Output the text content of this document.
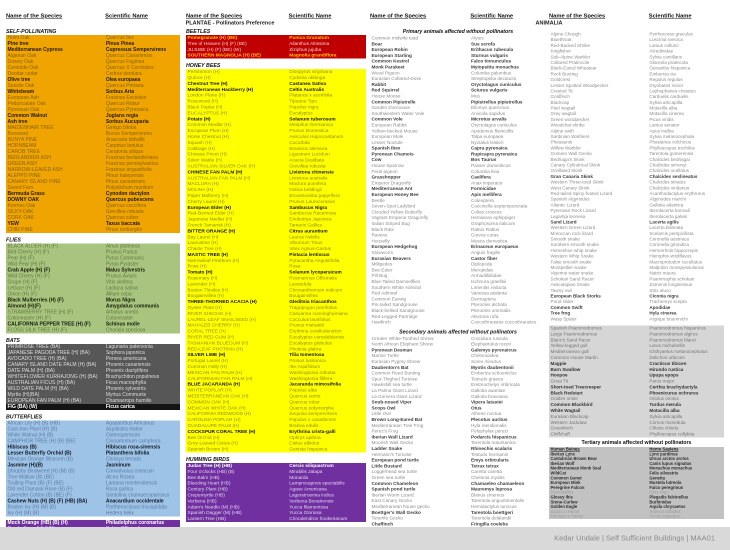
PLANTAE - Pollinators Preference	ANIMALIA
Name of the Species	Scientific Name
SELF-POLLINATING
Holm Oak	Quercus Ilex
Pine tree	Pinus Pinea
Mediterranean Cypress	Cupressus Sempervirens
Algerian Oak	Quercus Canariensis
Downy Oak	Quercus Faginea
Cerrioide Oak	Quercus X Cerrioides
Deodar cedar	Cedrus deodara
Olive tree	Olea europaea
Sessile Oak	Quercus Petraea
Whitebeam	Sorbus Aria
European Ash	Fraxinus Excelsior
Pedunculate Oak	Quercus Robur
Pyrenean Oak	Quercus Pyrenaica
Common Walnut	Juglans regia
Ash tree	Sorbus Aucuparia
MAIDENHAIR TREE	Ginkgo biloba
Boxwood	Buxus Sempervirens
BUNYA PINE	Araucaria bidwillii
HORNBEAM	Carpinus betulus
CAROB TREE	Ceratonia siliqua
BERLANDIER ASH	Fraxinus berlandieriana
GREEN ASH	Fraxinus pennsylvanica
NARROW-LEAVED ASH	Fraxinus angustifolia
ALEPPO PINE	Pinus halepensis
CANARY ISLAND PINE	Pinus canariensis
Sword Fern	Polystichum munitum
Bermuda Grass	Cynodon dactylon
DOWNY OAK	Quercus pubescens
Kermes Oak	Quercus coccifera
SILKY-OAK	Grevillea robusta
CORK OAK	Quercus suber
YEW	Taxus baccata
CHIR PINE	Pinus roxburghii
FLIES
BLACK ALDER (H) (F)	Alnus glutinosa
Bird Cherry (H) (F)	Prunus Padus
Pear (H) (F)	Pyrus Communis
Wild Pear (H) (F)	Pyrus Pyraster
Crab Apple (H) (F)	Malus Sylvestris
Wild Cherry (H) (F)	Prunus Avium
Grape (H) (F)	Vitis vinifera
Lettuce (H) (F)	Lactuca sativa
Onion (H) (F)	Allium cepa
Black Mulberries (H) (F)	Morus Nigra
Almond (H)(F)	Amygdalus communis
STRAWBERRY TREE (H) (F)	Arbutus unedo
Cotoneaster (H) (F)	Cotoneaster
CALIFORNIA PEPPER TREE (H) (F)	Schinus molle
FLOSS SILK TREE (H) (F)	Chorisia speciosa
BATS
PRIMROSE TREE (BA)	Lagunaria patersonia
JAPANESE PAGODA TREE (H) (BA)	Sophora japonica
AVOCADO TREE (H) (BA)	Persea americana
CANARY ISLAND DATE PALM (H) (BA) Phoenix canariensis
DATE PALM (H) (BA)	Phoenix dactylifera
WHITEFLOWER KURRAJONG (H) (BA) Brachychiton populneus
AUSTRALIAN FICUS (H) (BA)	Ficus macrophylla
WILD DATE PALM (H) (BA)	Phoenix sylvestris
Myrtle (H)(BA)	Myrtus Communis
EUROPEAN FAN PALM (H) (BA)	Chamaerops humilis
FIG (BA) (W)	Ficus carica
BUTTERFLIES
African Lily (H) (B) (HB)	Agapanthus Africanus
Cast-Iron Plant (H) (B)	Aspidistra elatior
White Walnut (H) (B)	Osteospermum
CAMPHOR TREE (H) (B) (BE)	Cinnamomum camphora
Hibiscus (B)	Hibiscus rosa-sinensis
Lesser Butterfly Orchid (B)	Platanthera bifolia
Mexican Orange Blossom (B)	Choisya ternata
Jasmine (H)(B)	Jasminum
Shrubby Bindweed (H) (M) (B)	Convolvulus cneorum
Tree Mallow (B) (BE)	Alcea Rosea
Trailing Plant (B) (F) (BE)	Lantana montevidensis
Old red Damask Rose (B) (F)	Rosa gallica
Lavender Cotton (B) (BE) (F)	Santolina chamaecyparissus
Cashew Nuts (H) (B) (F) (HB) (BA)	Anacardium occidentale
Boston Ivy (H) (M) (B)	Parthenocissus tricuspidata
Ivy (H) (M) (B)	Hedera helix
Mock Orange (HB) (B) (H)	Philadelphus coronarius
Name of the Species	Scientific Name
BEETLES
Pomegranate (H) (BE)	Punica Granatum
Tree of Heaven (H) (F) (BE)	Ailanthus Altissima
JUJUBE (H) (F) (BE) (W)	Ziziphus jujuba
SOUTHERN MAGNOLIA (H) (BE)	Magnolia grandiflora
HONEY BEES
Persimmon (H)	Diospyros virginiana
Quince (H)	Cydonia oblonga
Chestnut Tree (H)	Castanea Sativa
Mediterranean Hackberry (H)	Celtis Australis
London Plane (H)	Platanus x acerifolia
Rosewood (H)	Tipuana Tipu
Black Poplar (H)	Populus nigra
EUCALYPTUS (H)	Eucalyptus
Potato (H)	Solanum tuberosum
Common Medlar (H)	Mespilus Germanica
European Plum (H)	Prunus Domestica
Horse Chestnut (H)	Aesculus Hippocastanum
Squash (H)	Cucurbita
Cabbage (H)	Brassica oleracea
Chinese Privet (H)	Ligustrum Lucidum
Silver Wattle (H)	Acacia Dealbata
AUSTRALIAN SILVER OAK (H)	Grevillea robusta
CHINESE FAN PALM (H)	Livistona chinensis
AUSTRALIAN FAN PALM (H)	Livistona australis
MACLURA (H)	Maclura pomifera
NOLINA (H)	Nolina beldingii
Paper Mulberry (H)	Broussonetia papyrifera
Cherry Laurel (H)	Prunus Laurocerasus
European Elder (H)	Sambucus Nigra
Red-Berried Elder (H)	Sambucus Racemosa
Japanese Medlar (H)	Eriobotrya Japonica
French Tamarisk (H)	Tamarix Gallica
BITTER ORANGE (H)	Citrus aurantium
Bay Laurel (H)	Laurus Nobilis
Laurustine (H)	Viburnum Tinus
Chaste Tree (H)	Vitex Agnus-Castus
MASTIC TREE (H)	Pistacia lentiscus
Narrowleaf Firethorn (H)	Pyracantha Angustifolia
Rose (H)	Rosa
Tomato (H)	Solanum lycopersicum
Rosemary (H)	Rosmarinus Officinalis
Lavender (H)	Lavandula
Boston Thistles (H)	Chrysanthemum indicum
Bougainvillea (H)	Bougainvillea
THREE-THORNED ACACIA (H)	Gleditsia triacanthos
Oyster Plant (H)	Tragopogon porrifolius
RIVER SHEOAK (H)	Casuarina cunninghamiana
LAUREL-LEAF SNAILSEED (H)	Cocculus laurifolius
MAHALEB CHERRY (H)	Prunus mahaleb
CORAL TREE (H)	Erythrina corallodendron
RIVER RED GUM (H)	Eucalyptus camaldulensis
TASMANIAN BLUEGUM (H)	Eucalyptus globulus
RED-LEAF PHOTINIA (H)	Photinia glabra
SILVER LIME (H)	Tilia tomentosa
Portugal Laurel (H)	Prunus lusitanica
Common Holly (H)	Ilex Aquifolium
MEXICAN FAN PALM (H)	Washingtonia robusta
CALIFORNIAN FAN PALM (H)	Washingtonia filifera
BLUE JACARANDA (H)	Jacaranda mimosifolia
WHITE POPLAR (H)	Populus alba
MEDITERRANEAN OAK (H)	Quercus cerris
COMMON OAK (H)	Quercus robur
MEXICAN WHITE OAK (H)	Quercus polymorpha
CALIFORNIA REDWOOD (H)	Sequoia sempervirens
CAROLINA POPLAR (H)	Populus x canadensis
GUADALUPE PALM (H)	Brahea edulis
COCKSPUR CORAL TREE (H)	Erythrina crista-galli
Bee Orchid (H)	Ophrys apifera
Grey-Leaved Cistus (H)	Cistus albidus
Spanish Broom (H)	Genista hispanica
HUMMING BIRDS
Judas Tree (H) (HB)	Cercis siliquastrum
Four o'clocks (HB) (B)	Mirabilis Jalapa
Bee Balm (HB)	Monarda
Bleeding Heart (HB)	Lamprocapnos spectabilis
Century Plant (HB)	Agave Americana
Crepemyrtle (HB)	Lagerstroemia indica
Verbena (HB)	Verbena Bonariensis
Adam's Needle (M) (HB)	Yucca filamentosa
Spanish Dagger (M) (HB)	Yucca Gloriosa
Lantern Tree (HB)	Crinodendron hookerianum
Name of the Species	Scientific Name
Primary animals affected without pollinators
Common midwife toad	Alytes
Boar	Sus scrofa
European Robin	Erithacus rubecula
European Starling	Sturnus vulgaris
Common Kestrel	Falco tinnunculus
Monk Parakeet	Myiopsitta monachus
Wood Pigeon	Columba palumbus
Eurasian Collared-Dove	Streptopelia decaocto
Rabbit	Oryctolagus cuniculus
Red Squirrel	Sciurus vulgaris
House Mouse	Mus
Common Pipistrelle	Pipistrellus pipistrellus
Garden Dormouse	Eliomys quercinus
Southwestern Water Vole	Arvicola sapidus
Common Vole	Microtus arvalis
European Rabbit	Oryctolagus cuniculus
Yellow-Necked Mouse	Apodemus flavicollis
European Mole	Talpa europaea
Lesser Noctule	Nyctalus leisleri
Spanish Ibex	Capra pyrenaica
Pyrenean Chamois	Rupicapra pyrenaica
Cow	Bos Taurus
House Sparrow	Passer domesticus
Feral pigeon	Columba livia
Grasshopper	Caelifera
Emperor Dragonfly	Anax imperator
Mediterranean Ant	Formicidae
European Honey Bee	Apis mellifera
Beetle	Coleoptera
Seven-Spot Ladybird	Coccinella septempunctata
Clouded Yellow Butterfly	Colias croceus
Vagrant Emperor Dragonfly	Hemianax ephippiger
Italian Striped Bug	Graphosoma italicum
Black Rats	Rattus Rattus
Ravens	Corvus corax
Housefly	Musca domestica
European Hedgehog	Erinaceus europaeus
Slowworm	Anguis fragilis
Eurasian Beavers	Castor fiber
Millipedes	Diplopoda
Bee-Eater	Meropidae
Pill Bug	Armadillidiidae
Blue-Tailed Damselflies	Ischnura graellsii
Southern White Admiral	Limenitis reducta
Red Admiral	Vanessa atalanta
Common Earwig	Dermaptera
Pin-tailed Sandgrouse	Pterocles alchata
Black-bellied Sandgrouse	Pterocles orientalis
Red-Legged Partridge	Alectoris rufa
Hawfinch	Coccothraustes coccothraustes
Secondary animals affected without pollinators
Greater White-Toothed Shrew	Crocidura russula
North African Elephant Shrew	Elephantulus rozeti
Pyrenean Desman	Galemys pyrenaicus
Marine Turtle	Chelonioidea
Eurasian Pygmy Shrew	Sorex minutus
Daubenton's Bat	Myotis daubentonii
Common Reed Bunting	Emberiza schoeniclus
Spur-Thighed Tortoise	Testudo graeca
Hawksbill sea turtle	Eretmochelys imbricata
La Palma Giant Lizard	Gallotia auaritae
La Gomera Giant Lizard	Gallotia bravoana
Snub-nosed Viper	Vipera latastei
Scops Owl	Otus
Little Owl	Athene noctua
Brown Long-Eared Bat	Plecotus auritus
Mediterranean Tree Frog	Hyla meridionalis
Perez's Frog	Pelophylax perezi
Iberian Wall Lizard	Podarcis hispanicus
Moorish Wall Gecko	Tarentola mauritanica
Ladder Snake	Rhinechis scalaris
Hermann's Tortoise	Testudo hermanni
European pond turtle	Emys orbicularis
Little Bustard	Tetrax tetrax
Loggerhead sea turtle	Caretta caretta
Green sea turtle	Chelonia mydas
Common Chameleon	Chamaeleo chamaeleon
Spanish pond turtle	Mauremys leprosa
Iberian Worm Lizard	Blanus cinereus
East Canary Gecko	Tarentola angustimentalis
Mediterranean house gecko	Hemidactylus turcicus
Boettger's Wall Gecko	Tarentola boettgeri
Tenerife Gecko	Tarentola delalandii
Chaffinch	Fringilla coelebs
Name of the Species	Scientific Name
Alpine Chough	Pyrrhocorax graculus
Bluethroat	Luscinia svecica
Red-Backed Shrike	Lanius collurio
Kingfisher	Alcedinidae
Sub-Alpine Warbler	Sylvia cantillans
Collared Pratincole	Glareola pratincola
Black-Eared Wheatear	Oenanthe hispanica
Rock Bunting	Emberiza cia
Goldcrest	Regulus regulus
Lesser Spotted Woodpecker	Dryobates minor
Crested Tit	Lophophanes cristatus
Goldfinch	Carduelis carduelis
Blackcap	Sylvia atricapilla
Pied wagtail	Motacilla alba
Grey wagtail	Motacilla cinerea
Green woodpecker	Picus viridis
Woodchat shrike	Lanius senator
Alpine swift	Apus melba
Sardinian Warblers	Sylvia melanocephala
Pheasants	Phasianus colchicus
Willow Warbler	Phylloscopus trochilus
Gomero Wall Gecko	Tarentola gomerensis
Bedriaga's Skink	Chalcides bedriagai
Canary Cylindrical Skink	Chalcides simonyi
Ocellated Skink	Chalcides ocellatus
Gran Canaria Skink	Chalcides sexlineatus
Western Three-toed Skink	Chalcides striatus
West Canary Skink	Chalcides viridanus
Red-tailed Spiny-footed Lizard	Acanthodactylus erythrurus
Spanish Algyroides	Algyroides marchi
Atlantic Lizard	Gallotia atlantica
Pyrenean Rock Lizard	Iberolacerta bonnali
Lagartija leonesa	Iberolacerta galani
Sand Lizard	Lacerta agilis
Western Green Lizard	Lacerta bilineata
Moroccan rock lizard	Scelarcis perspicillata
Smooth snake	Coronella austriaca
Southern smooth snake	Coronella girondica
Horseshoe whip snake	Hemorrhois hippocrepis
Western Whip Snake	Hierophis viridiflavus
False smooth snake	Macroprotodon cucullatus
Montpellier snake	Malpolon monspessulanus
Viperine water snake	Natrix maura
Schokari Sand Racer	Psammophis schokari
Aesculapian Snake	Zamenis longissimus
Tawny owl	Strix aluco
European Black Storks	Ciconia nigra
Pond slider	Trachemys scripta
Common Swift	Apodidae
Tree frog	Hyla cinerea
Wasp Spider	Argiope bruennichi
Spanish Psammodromus	Psammodromus hispanicus
Large Psammodromus	Psammodromus algirus
Blanc's Sand Racer	Psammodromus blanci
Yellow-legged gull	Larus michahellis
Mediterranean gull	Ichthyaetus melanocephalus
Common House Martin	Delichon urbicum
Magpie	Cracticus tibicen
Barn Swallow	Hirundo rustica
Hoopoe	Upupa epops
Great Tit	Parus major
Short-toed Treecreeper	Certhia brachydactyla
Black Redstart	Phoenicurus ochruros
Golden oriole	Oriolus oriolus
Common Blackbird	Turdus merula
White Wagtail	Motacilla alba
Eurasian Blackcap	Sylvia atricapilla
Western Jackdaw	Corvus monedula
Greenfinch	Chloris chloris
Chiffchaff	Phylloscopus collybita
Tertiary animals affected without pollinators
Human Beings	Homo Sapiens
Iberian Lynx	Lynx pardinus
Cantabrian Brown Bear	Ursus arctos arctos
Iberian Wolf	Canis lupus signatus
Mediterranean Monk Seal	Monachus monachus
WildCat	Felis silvestris
Common Genet	Genetta
European Mink	Mustela lutreola
Peregrine Falcon	Falco peregrinus
Demoiselles	Grus virgo
Glossy Ibis	Plegadis falcinellus
Stone-Curlew	Burhinidae
Golden Eagle	Aquila chrysaetos
Squacco Heron	Ardeola ralloides
Montagu's Harrier	Circus pygargus
Kedar Undale | Self Sufficient Buildings | MAA01
